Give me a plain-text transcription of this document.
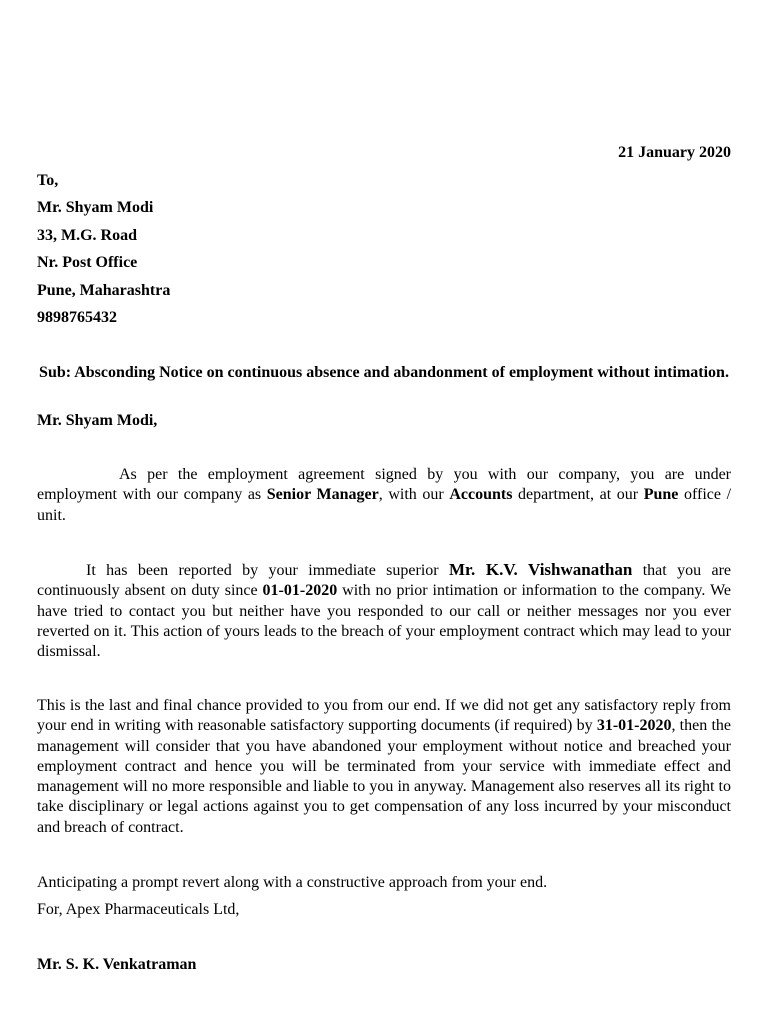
21 January 2020
To,
Mr. Shyam Modi
33, M.G. Road
Nr. Post Office
Pune, Maharashtra
9898765432
Sub: Absconding Notice on continuous absence and abandonment of employment without intimation.
Mr. Shyam Modi,

As per the employment agreement signed by you with our company, you are under employment with our company as Senior Manager, with our Accounts department, at our Pune office / unit.

It has been reported by your immediate superior Mr. K.V. Vishwanathan that you are continuously absent on duty since 01-01-2020 with no prior intimation or information to the company. We have tried to contact you but neither have you responded to our call or neither messages nor you ever reverted on it. This action of yours leads to the breach of your employment contract which may lead to your dismissal.

This is the last and final chance provided to you from our end. If we did not get any satisfactory reply from your end in writing with reasonable satisfactory supporting documents (if required) by 31-01-2020, then the management will consider that you have abandoned your employment without notice and breached your employment contract and hence you will be terminated from your service with immediate effect and management will no more responsible and liable to you in anyway. Management also reserves all its right to take disciplinary or legal actions against you to get compensation of any loss incurred by your misconduct and breach of contract.

Anticipating a prompt revert along with a constructive approach from your end.
For, Apex Pharmaceuticals Ltd,
Mr. S. K. Venkatraman
